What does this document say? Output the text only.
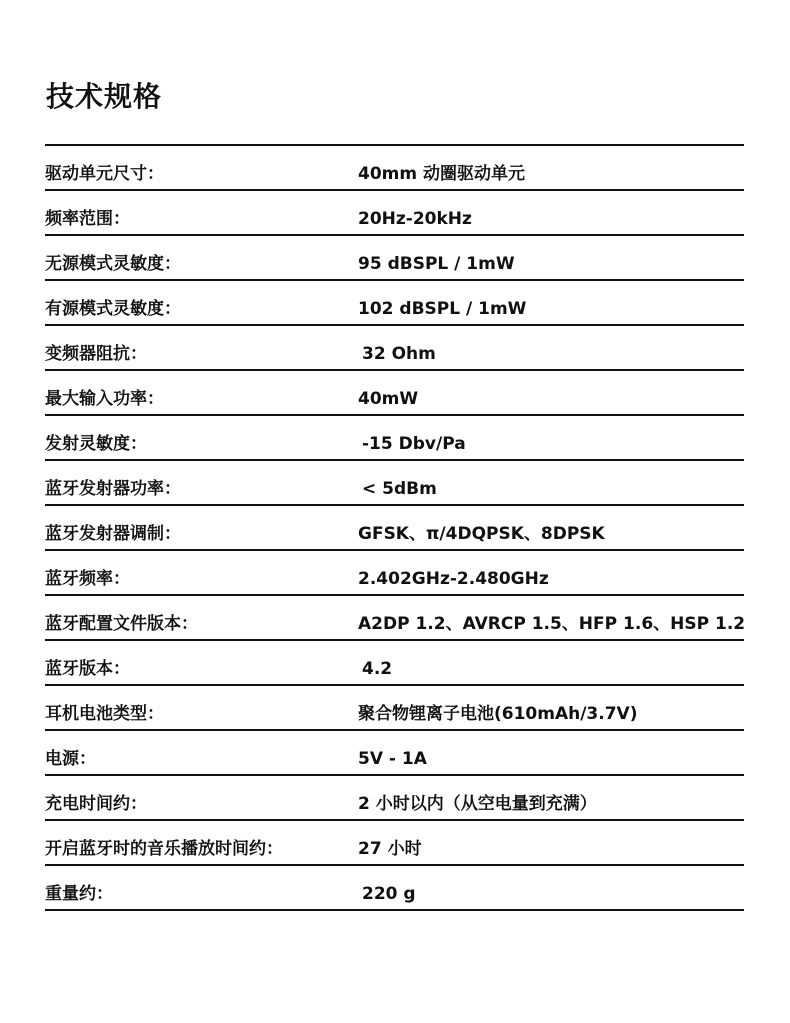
技术规格
驱动单元尺寸：	40mm 动圈驱动单元
频率范围：	20Hz-20kHz
无源模式灵敏度：	95 dBSPL / 1mW
有源模式灵敏度：	102 dBSPL / 1mW
变频器阻抗：	32 Ohm
最大输入功率：	40mW
发射灵敏度：	-15 Dbv/Pa
蓝牙发射器功率：	< 5dBm
蓝牙发射器调制：	GFSK、π/4DQPSK、8DPSK
蓝牙频率：	2.402GHz-2.480GHz
蓝牙配置文件版本：	A2DP 1.2、AVRCP 1.5、HFP 1.6、HSP 1.2
蓝牙版本：	4.2
耳机电池类型：	聚合物锂离子电池(610mAh/3.7V)
电源：	5V - 1A
充电时间约：	2 小时以内（从空电量到充满）
开启蓝牙时的音乐播放时间约：	27 小时
重量约：	220 g
